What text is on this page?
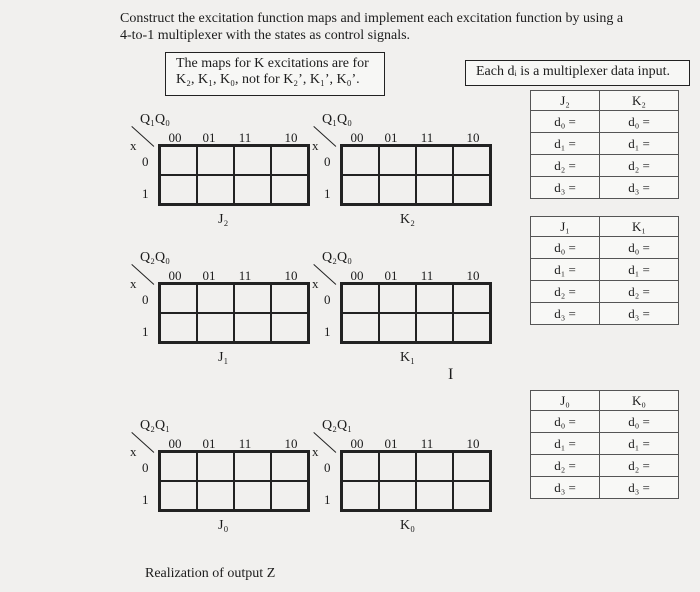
Construct the excitation function maps and implement each excitation function by using a
4-to-1 multiplexer with the states as control signals.
The maps for K excitations are for
K₂, K₁, K₀, not for K₂’, K₁’, K₀’.
Each dᵢ is a multiplexer data input.
Q₁Q₀
x
00	01	11	10
0
1
J₂
Q₁Q₀
x
00	01	11	10
0
1
K₂
Q₂Q₀
x
00	01	11	10
0
1
J₁
Q₂Q₀
x
00	01	11	10
0
1
K₁
Q₂Q₁
x
00	01	11	10
0
1
J₀
Q₂Q₁
x
00	01	11	10
0
1
K₀
J₂	K₂
d₀ =	d₀ =
d₁ =	d₁ =
d₂ =	d₂ =
d₃ =	d₃ =
J₁	K₁
d₀ =	d₀ =
d₁ =	d₁ =
d₂ =	d₂ =
d₃ =	d₃ =
J₀	K₀
d₀ =	d₀ =
d₁ =	d₁ =
d₂ =	d₂ =
d₃ =	d₃ =
Realization of output Z
I
